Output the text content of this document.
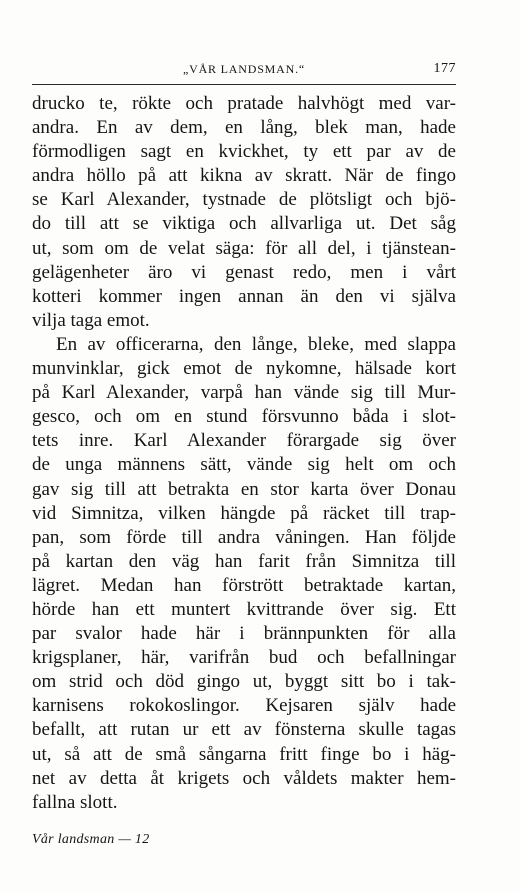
„VÅR LANDSMAN.“	177
drucko te, rökte och pratade halvhögt med var-
andra. En av dem, en lång, blek man, hade
förmodligen sagt en kvickhet, ty ett par av de
andra höllo på att kikna av skratt. När de fingo
se Karl Alexander, tystnade de plötsligt och bjö-
do till att se viktiga och allvarliga ut. Det såg
ut, som om de velat säga: för all del, i tjänstean-
gelägenheter äro vi genast redo, men i vårt
kotteri kommer ingen annan än den vi själva
vilja taga emot.
En av officerarna, den långe, bleke, med slappa
munvinklar, gick emot de nykomne, hälsade kort
på Karl Alexander, varpå han vände sig till Mur-
gesco, och om en stund försvunno båda i slot-
tets inre. Karl Alexander förargade sig över
de unga männens sätt, vände sig helt om och
gav sig till att betrakta en stor karta över Donau
vid Simnitza, vilken hängde på räcket till trap-
pan, som förde till andra våningen. Han följde
på kartan den väg han farit från Simnitza till
lägret. Medan han förstrött betraktade kartan,
hörde han ett muntert kvittrande över sig. Ett
par svalor hade här i brännpunkten för alla
krigsplaner, här, varifrån bud och befallningar
om strid och död gingo ut, byggt sitt bo i tak-
karnisens rokokoslingor. Kejsaren själv hade
befallt, att rutan ur ett av fönsterna skulle tagas
ut, så att de små sångarna fritt finge bo i häg-
net av detta åt krigets och våldets makter hem-
fallna slott.
Vår landsman — 12
